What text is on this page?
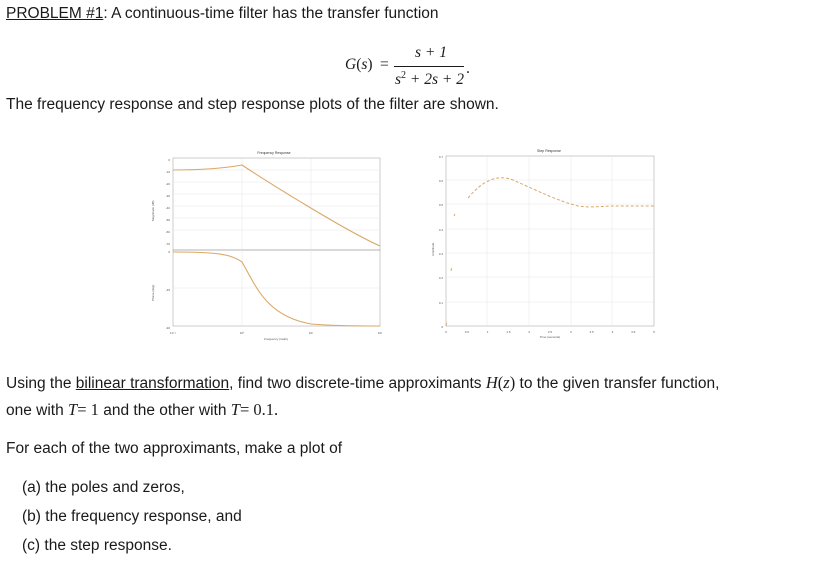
PROBLEM #1: A continuous-time filter has the transfer function
G(s) =
s + 1
$s^2 + 2s + 2$
.
The frequency response and step response plots of the filter are shown.
Frequency Response
Magnitude (dB)
0
-10
-20
-30
-40
-50
-60
-70
Phase (deg)
0
-45
-90
10⁻¹	10⁰	10¹	10²
Frequency (rad/s)
Step Response
Amplitude
0
0.1
0.2
0.3
0.4
0.5
0.6
0.7
0	0.5	1	1.5	2	2.5	3	3.5	4	4.5	5
Time (seconds)
Using the bilinear transformation, find two discrete-time approximants H(z) to the given transfer function,
one with T= 1 and the other with T= 0.1.
For each of the two approximants, make a plot of
(a) the poles and zeros,
(b) the frequency response, and
(c) the step response.
